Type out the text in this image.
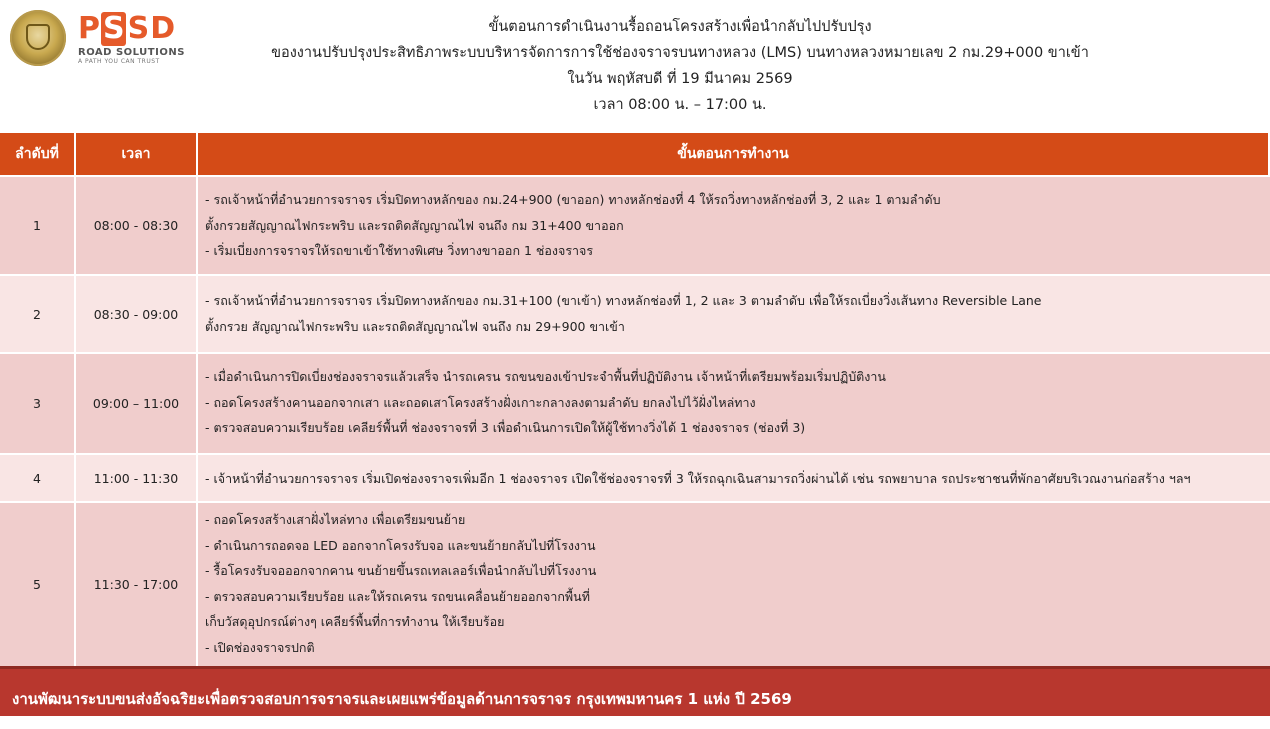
P S S D
ROAD SOLUTIONS
A PATH YOU CAN TRUST
ขั้นตอนการดำเนินงานรื้อถอนโครงสร้างเพื่อนำกลับไปปรับปรุง
ของงานปรับปรุงประสิทธิภาพระบบบริหารจัดการการใช้ช่องจราจรบนทางหลวง (LMS) บนทางหลวงหมายเลข 2 กม.29+000 ขาเข้า
ในวัน พฤหัสบดี ที่ 19 มีนาคม 2569
เวลา 08:00 น. – 17:00 น.
ลำดับที่	เวลา	ขั้นตอนการทำงาน
1	08:00 - 08:30
- รถเจ้าหน้าที่อำนวยการจราจร เริ่มปิดทางหลักของ กม.24+900 (ขาออก) ทางหลักช่องที่ 4 ให้รถวิ่งทางหลักช่องที่ 3, 2 และ 1 ตามลำดับ
ตั้งกรวยสัญญาณไฟกระพริบ และรถติดสัญญาณไฟ จนถึง กม 31+400 ขาออก
- เริ่มเบี่ยงการจราจรให้รถขาเข้าใช้ทางพิเศษ วิ่งทางขาออก 1 ช่องจราจร
2	08:30 - 09:00
- รถเจ้าหน้าที่อำนวยการจราจร เริ่มปิดทางหลักของ กม.31+100 (ขาเข้า) ทางหลักช่องที่ 1, 2 และ 3 ตามลำดับ เพื่อให้รถเบี่ยงวิ่งเส้นทาง Reversible Lane
ตั้งกรวย สัญญาณไฟกระพริบ และรถติดสัญญาณไฟ จนถึง กม 29+900 ขาเข้า
3	09:00 – 11:00
- เมื่อดำเนินการปิดเบี่ยงช่องจราจรแล้วเสร็จ นำรถเครน รถขนของเข้าประจำพื้นที่ปฏิบัติงาน เจ้าหน้าที่เตรียมพร้อมเริ่มปฏิบัติงาน
- ถอดโครงสร้างคานออกจากเสา และถอดเสาโครงสร้างฝั่งเกาะกลางลงตามลำดับ ยกลงไปไว้ฝั่งไหล่ทาง
- ตรวจสอบความเรียบร้อย เคลียร์พื้นที่ ช่องจราจรที่ 3 เพื่อดำเนินการเปิดให้ผู้ใช้ทางวิ่งได้ 1 ช่องจราจร (ช่องที่ 3)
4	11:00 - 11:30	- เจ้าหน้าที่อำนวยการจราจร เริ่มเปิดช่องจราจรเพิ่มอีก 1 ช่องจราจร เปิดใช้ช่องจราจรที่ 3 ให้รถฉุกเฉินสามารถวิ่งผ่านได้ เช่น รถพยาบาล รถประชาชนที่พักอาศัยบริเวณงานก่อสร้าง ฯลฯ
5	11:30 - 17:00
- ถอดโครงสร้างเสาฝั่งไหล่ทาง เพื่อเตรียมขนย้าย
- ดำเนินการถอดจอ LED ออกจากโครงรับจอ และขนย้ายกลับไปที่โรงงาน
- รื้อโครงรับจอออกจากคาน ขนย้ายขึ้นรถเทลเลอร์เพื่อนำกลับไปที่โรงงาน
- ตรวจสอบความเรียบร้อย และให้รถเครน รถขนเคลื่อนย้ายออกจากพื้นที่
เก็บวัสดุอุปกรณ์ต่างๆ เคลียร์พื้นที่การทำงาน ให้เรียบร้อย
- เปิดช่องจราจรปกติ
งานพัฒนาระบบขนส่งอัจฉริยะเพื่อตรวจสอบการจราจรและเผยแพร่ข้อมูลด้านการจราจร กรุงเทพมหานคร 1 แห่ง ปี 2569
